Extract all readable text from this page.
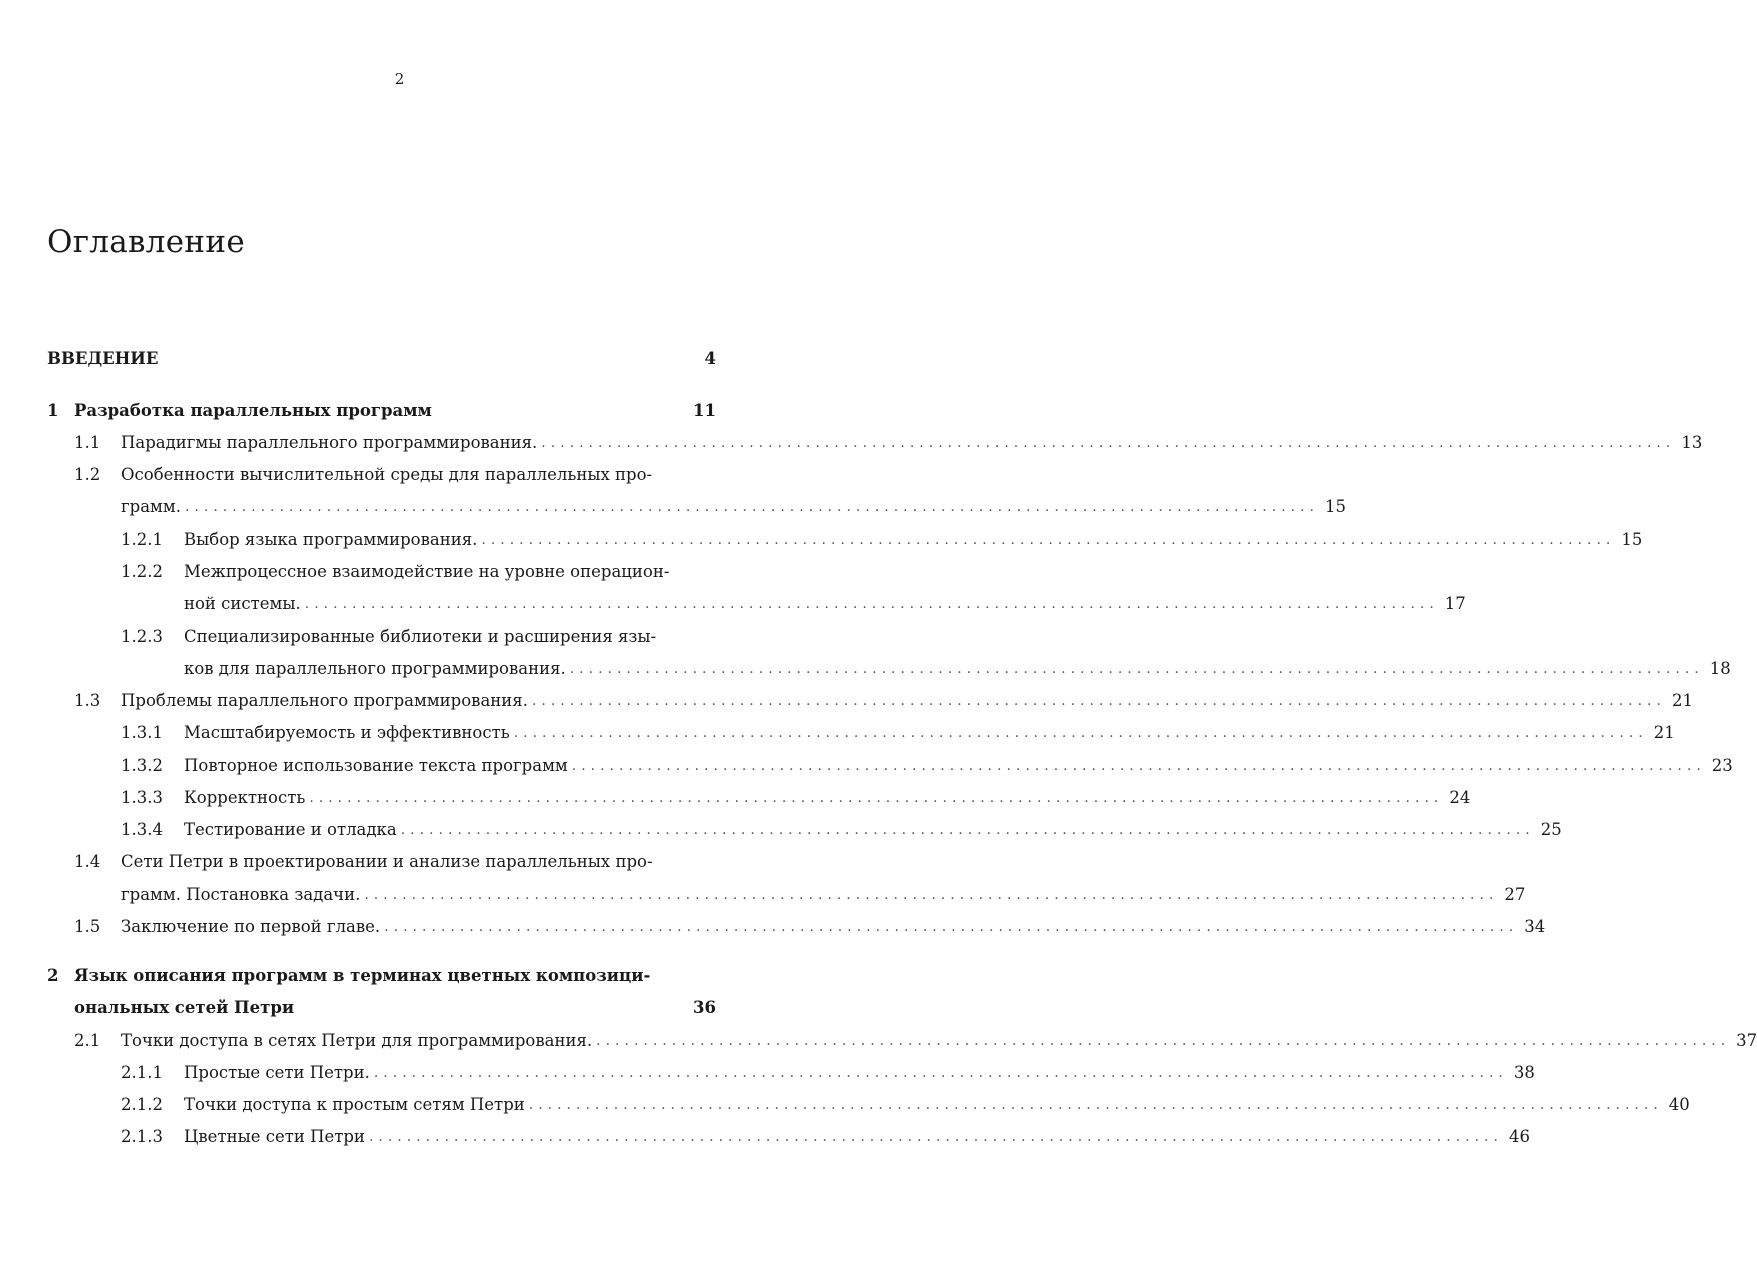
2
Оглавление
ВВЕДЕНИЕ	4
1 Разработка параллельных программ	11
1.1	Парадигмы параллельного программирования. ........................................................................................................................ 13
1.2	Особенности вычислительной среды для параллельных про-
грамм. ........................................................................................................................ 15
1.2.1	Выбор языка программирования. ........................................................................................................................ 15
1.2.2	Межпроцессное взаимодействие на уровне операцион-
ной системы. ........................................................................................................................ 17
1.2.3	Специализированные библиотеки и расширения язы-
ков для параллельного программирования. ........................................................................................................................ 18
1.3	Проблемы параллельного программирования. ........................................................................................................................ 21
1.3.1	Масштабируемость и эффективность ........................................................................................................................ 21
1.3.2	Повторное использование текста программ ........................................................................................................................ 23
1.3.3	Корректность ........................................................................................................................ 24
1.3.4	Тестирование и отладка ........................................................................................................................ 25
1.4	Сети Петри в проектировании и анализе параллельных про-
грамм. Постановка задачи. ........................................................................................................................ 27
1.5	Заключение по первой главе. ........................................................................................................................ 34
2 Язык описания программ в терминах цветных композици-
ональных сетей Петри	36
2.1	Точки доступа в сетях Петри для программирования. ........................................................................................................................ 37
2.1.1	Простые сети Петри. ........................................................................................................................ 38
2.1.2	Точки доступа к простым сетям Петри ........................................................................................................................ 40
2.1.3	Цветные сети Петри ........................................................................................................................ 46
